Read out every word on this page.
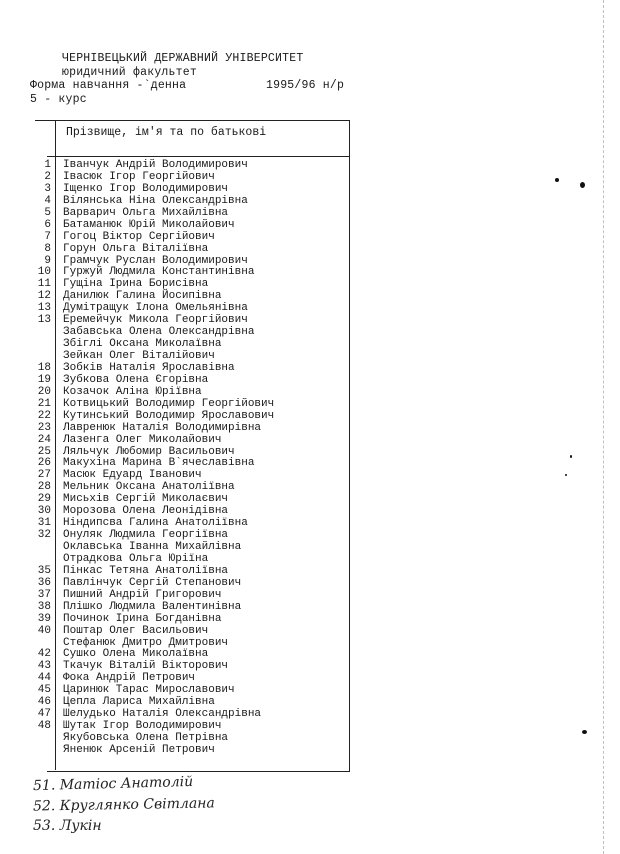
ЧЕРНІВЕЦЬКИЙ ДЕРЖАВНИЙ УНІВЕРСИТЕТ
юридичний факультет
Форма навчання -`денна	1995/96 н/р
5 - курс
Прізвище, ім'я та по батькові
1 Іванчук Андрій Володимирович
2 Івасюк Ігор Георгійович
3 Іщенко Ігор Володимирович
4 Вілянська Ніна Олександрівна
5 Варварич Ольга Михайлівна
6 Батаманюк Юрій Миколайович
7 Гогоц Віктор Сергійович
8 Горун Ольга Віталіївна
9 Грамчук Руслан Володимирович
10 Гуржуй Людмила Константинівна
11 Гущіна Ірина Борисівна
12 Данилюк Галина Йосипівна
13 Думітращук Ілона Омельянівна
13 Еремейчук Микола Георгійович
Забавська Олена Олександрівна
Збіглі Оксана Миколаївна
Зейкан Олег Віталійович
18 Зобків Наталія Ярославівна
19 Зубкова Олена Єгорівна
20 Козачок Аліна Юріївна
21 Котвицький Володимир Георгійович
22 Кутинський Володимир Ярославович
23 Лавренюк Наталія Володимирівна
24 Лазенга Олег Миколайович
25 Ляльчук Любомир Васильович
26 Макухіна Марина В`ячеславівна
27 Масюк Едуард Іванович
28 Мельник Оксана Анатоліївна
29 Мисьхів Сергій Миколаєвич
30 Морозова Олена Леонідівна
31 Ніндипсва Галина Анатоліївна
32 Онуляк Людмила Георгіївна
Оклавська Іванна Михайлівна
Отрадкова Ольга Юріїна
35 Пінкас Тетяна Анатоліївна
36 Павлінчук Сергій Степанович
37 Пишний Андрій Григорович
38 Плішко Людмила Валентинівна
39 Починок Ірина Богданівна
40 Поштар Олег Васильович
Стефанюк Дмитро Дмитрович
42 Сушко Олена Миколаївна
43 Ткачук Віталій Вікторович
44 Фока Андрій Петрович
45 Царинюк Тарас Мирославович
46 Цепла Лариса Михайлівна
47 Шелудько Наталія Олександрівна
48 Шутак Ігор Володимирович
Якубовська Олена Петрівна
Яненюк Арсеній Петрович
51. Матіос Анатолій
52. Круглянко Світлана
53. Лукін
